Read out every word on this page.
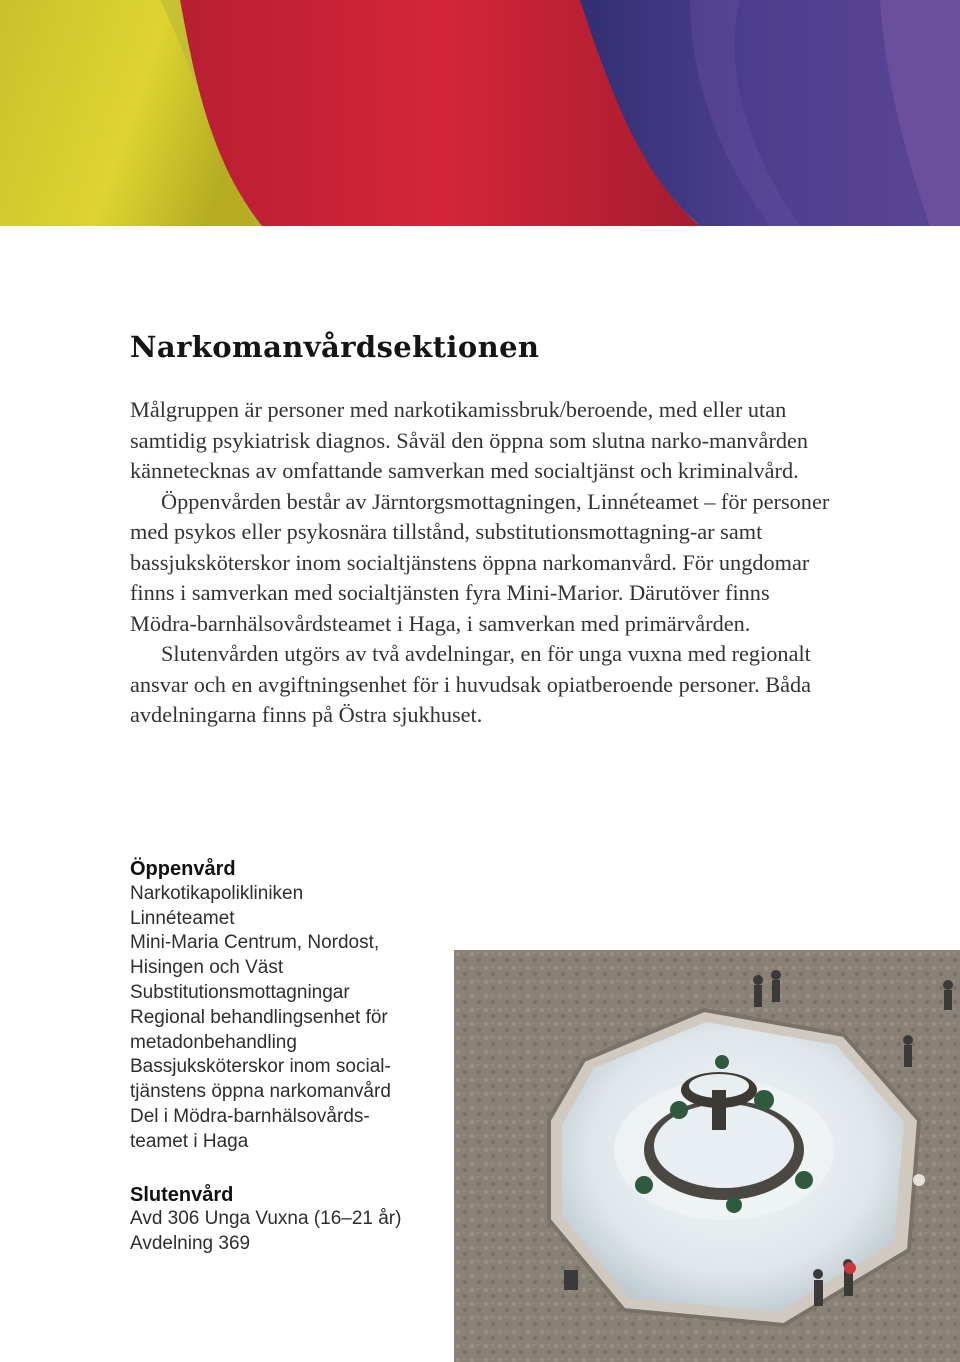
Narkomanvårdsektionen

Målgruppen är personer med narkotikamissbruk/beroende, med eller utan samtidig psykiatrisk diagnos. Såväl den öppna som slutna narko-manvården kännetecknas av omfattande samverkan med socialtjänst och kriminalvård.

Öppenvården består av Järntorgsmottagningen, Linnéteamet – för personer med psykos eller psykosnära tillstånd, substitutionsmottagning-ar samt bassjuksköterskor inom socialtjänstens öppna narkomanvård. För ungdomar finns i samverkan med socialtjänsten fyra Mini-Marior. Därutöver finns Mödra-barnhälsovårdsteamet i Haga, i samverkan med primärvården.

Slutenvården utgörs av två avdelningar, en för unga vuxna med regionalt ansvar och en avgiftningsenhet för i huvudsak opiatberoende personer. Båda avdelningarna finns på Östra sjukhuset.

Öppenvård
Narkotikapolikliniken
Linnéteamet
Mini-Maria Centrum, Nordost,
Hisingen och Väst
Substitutionsmottagningar
Regional behandlingsenhet för
metadonbehandling
Bassjuksköterskor inom social-
tjänstens öppna narkomanvård
Del i Mödra-barnhälsovårds-
teamet i Haga
Slutenvård
Avd 306 Unga Vuxna (16–21 år)
Avdelning 369
